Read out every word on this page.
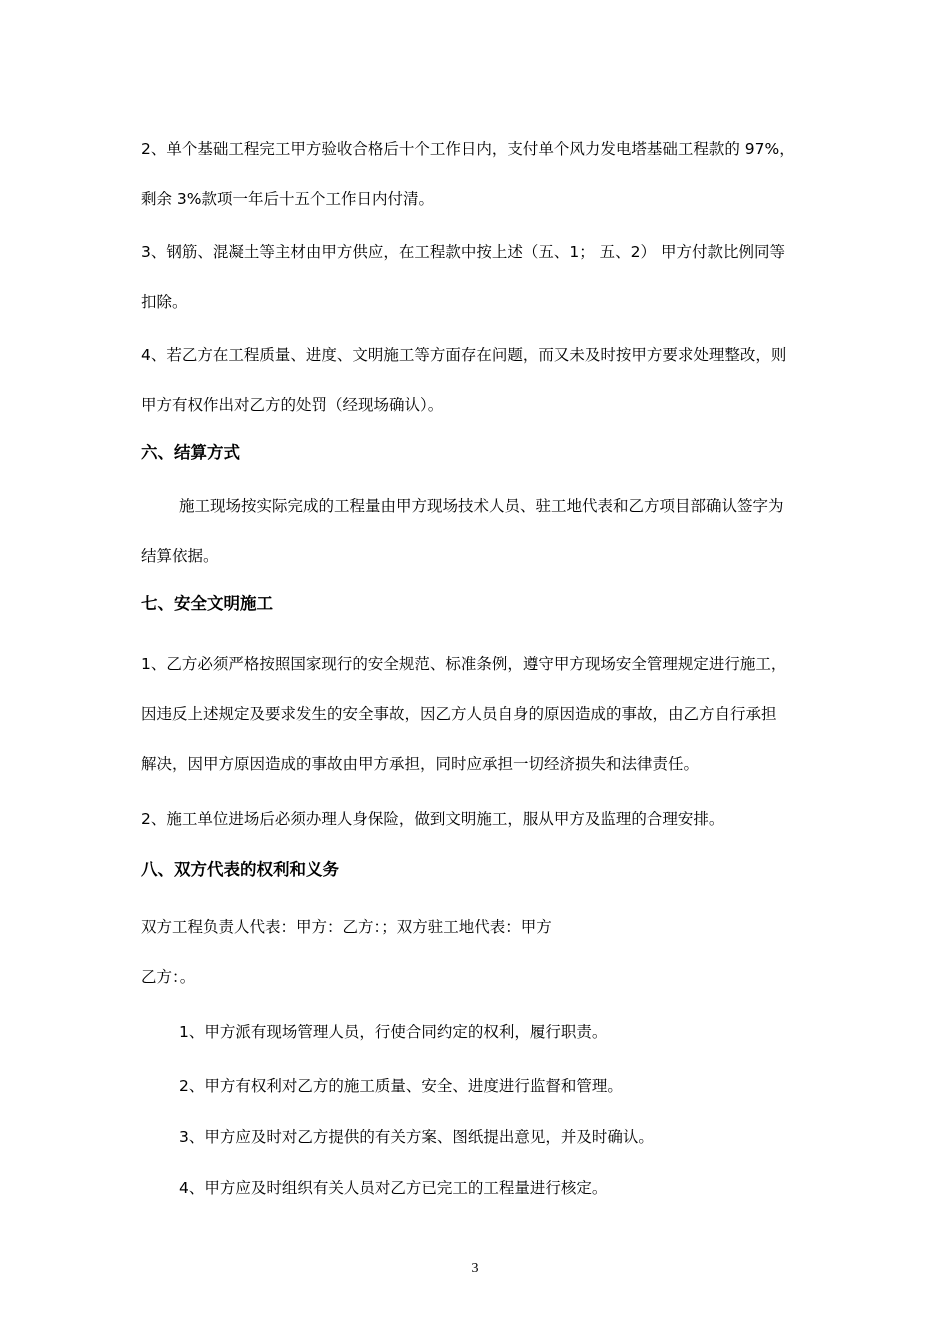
2、单个基础工程完工甲方验收合格后十个工作日内，支付单个风力发电塔基础工程款的 97%，
剩余 3%款项一年后十五个工作日内付清。
3、钢筋、混凝土等主材由甲方供应，在工程款中按上述（五、1； 五、2） 甲方付款比例同等
扣除。
4、若乙方在工程质量、进度、文明施工等方面存在问题，而又未及时按甲方要求处理整改，则
甲方有权作出对乙方的处罚（经现场确认）。
六、结算方式
施工现场按实际完成的工程量由甲方现场技术人员、驻工地代表和乙方项目部确认签字为
结算依据。
七、安全文明施工
1、乙方必须严格按照国家现行的安全规范、标准条例，遵守甲方现场安全管理规定进行施工，
因违反上述规定及要求发生的安全事故，因乙方人员自身的原因造成的事故，由乙方自行承担
解决，因甲方原因造成的事故由甲方承担，同时应承担一切经济损失和法律责任。
2、施工单位进场后必须办理人身保险，做到文明施工，服从甲方及监理的合理安排。
八、双方代表的权利和义务
双方工程负责人代表：甲方：乙方：；双方驻工地代表：甲方
乙方：。
1、甲方派有现场管理人员，行使合同约定的权利，履行职责。
2、甲方有权利对乙方的施工质量、安全、进度进行监督和管理。
3、甲方应及时对乙方提供的有关方案、图纸提出意见，并及时确认。
4、甲方应及时组织有关人员对乙方已完工的工程量进行核定。
3
